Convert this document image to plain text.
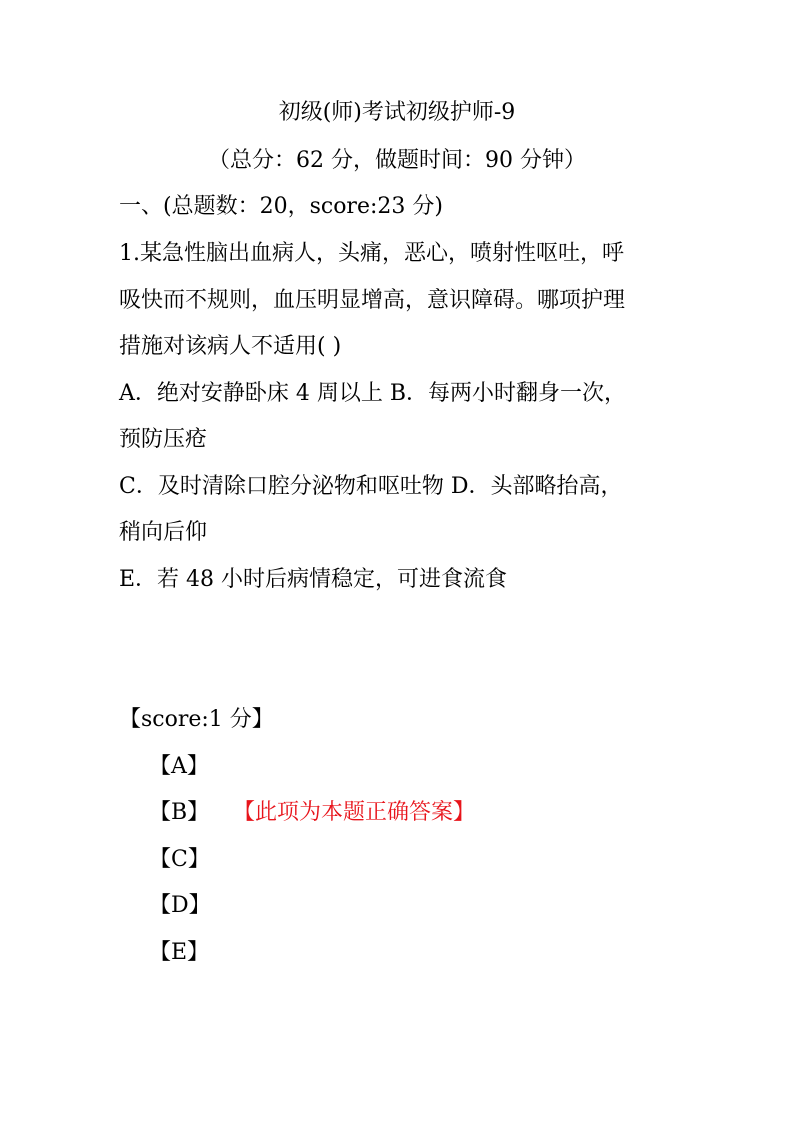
初级(师)考试初级护师-9
（总分：62 分，做题时间：90 分钟）
一、(总题数：20，score:23 分)
1.某急性脑出血病人，头痛，恶心，喷射性呕吐，呼
吸快而不规则，血压明显增高，意识障碍。哪项护理
措施对该病人不适用( )
A．绝对安静卧床 4 周以上 B．每两小时翻身一次，
预防压疮
C．及时清除口腔分泌物和呕吐物 D．头部略抬高，
稍向后仰
E．若 48 小时后病情稳定，可进食流食
【score:1 分】
【A】
【B】 【此项为本题正确答案】
【C】
【D】
【E】
